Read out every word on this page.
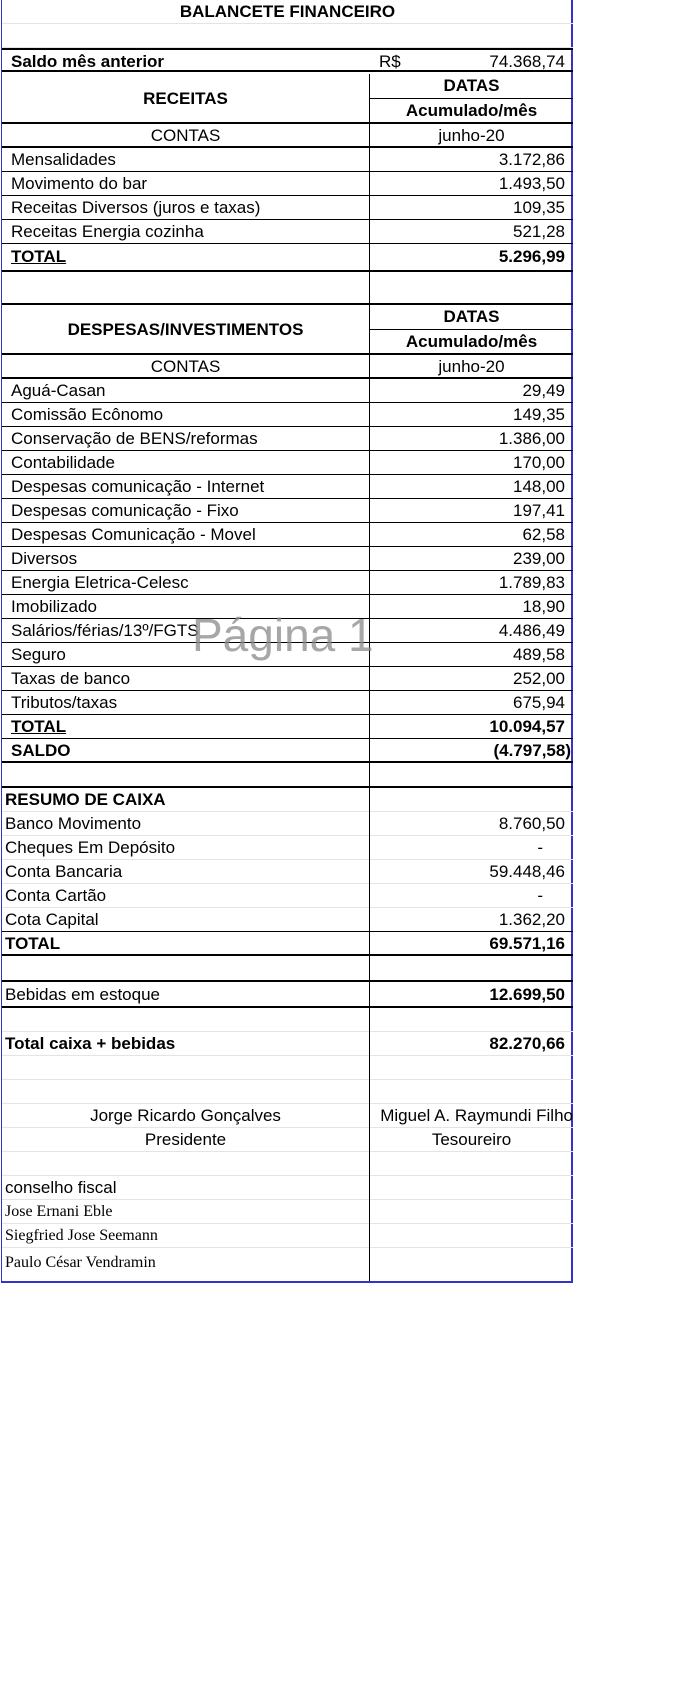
BALANCETE FINANCEIRO
Saldo mês anterior	R$	74.368,74
RECEITAS
DATAS
Acumulado/mês
CONTAS	junho-20
Mensalidades	3.172,86
Movimento do bar	1.493,50
Receitas Diversos (juros e taxas)	109,35
Receitas Energia cozinha	521,28
TOTAL	5.296,99
DESPESAS/INVESTIMENTOS
DATAS
Acumulado/mês
CONTAS	junho-20
Aguá-Casan	29,49
Comissão Ecônomo	149,35
Conservação de BENS/reformas	1.386,00
Contabilidade	170,00
Despesas comunicação - Internet	148,00
Despesas comunicação - Fixo	197,41
Despesas Comunicação - Movel	62,58
Diversos	239,00
Energia Eletrica-Celesc	1.789,83
Imobilizado	18,90
Salários/férias/13º/FGTS	4.486,49
Seguro	489,58
Taxas de banco	252,00
Tributos/taxas	675,94
TOTAL	10.094,57
SALDO	(4.797,58)
RESUMO DE CAIXA
Banco Movimento	8.760,50
Cheques Em Depósito	-
Conta Bancaria	59.448,46
Conta Cartão	-
Cota Capital	1.362,20
TOTAL	69.571,16
Bebidas em estoque	12.699,50
Total caixa + bebidas	82.270,66
Jorge Ricardo Gonçalves	Miguel A. Raymundi Filho
Presidente	Tesoureiro
conselho fiscal
Jose Ernani Eble
Siegfried Jose Seemann
Paulo César Vendramin
Página 1
